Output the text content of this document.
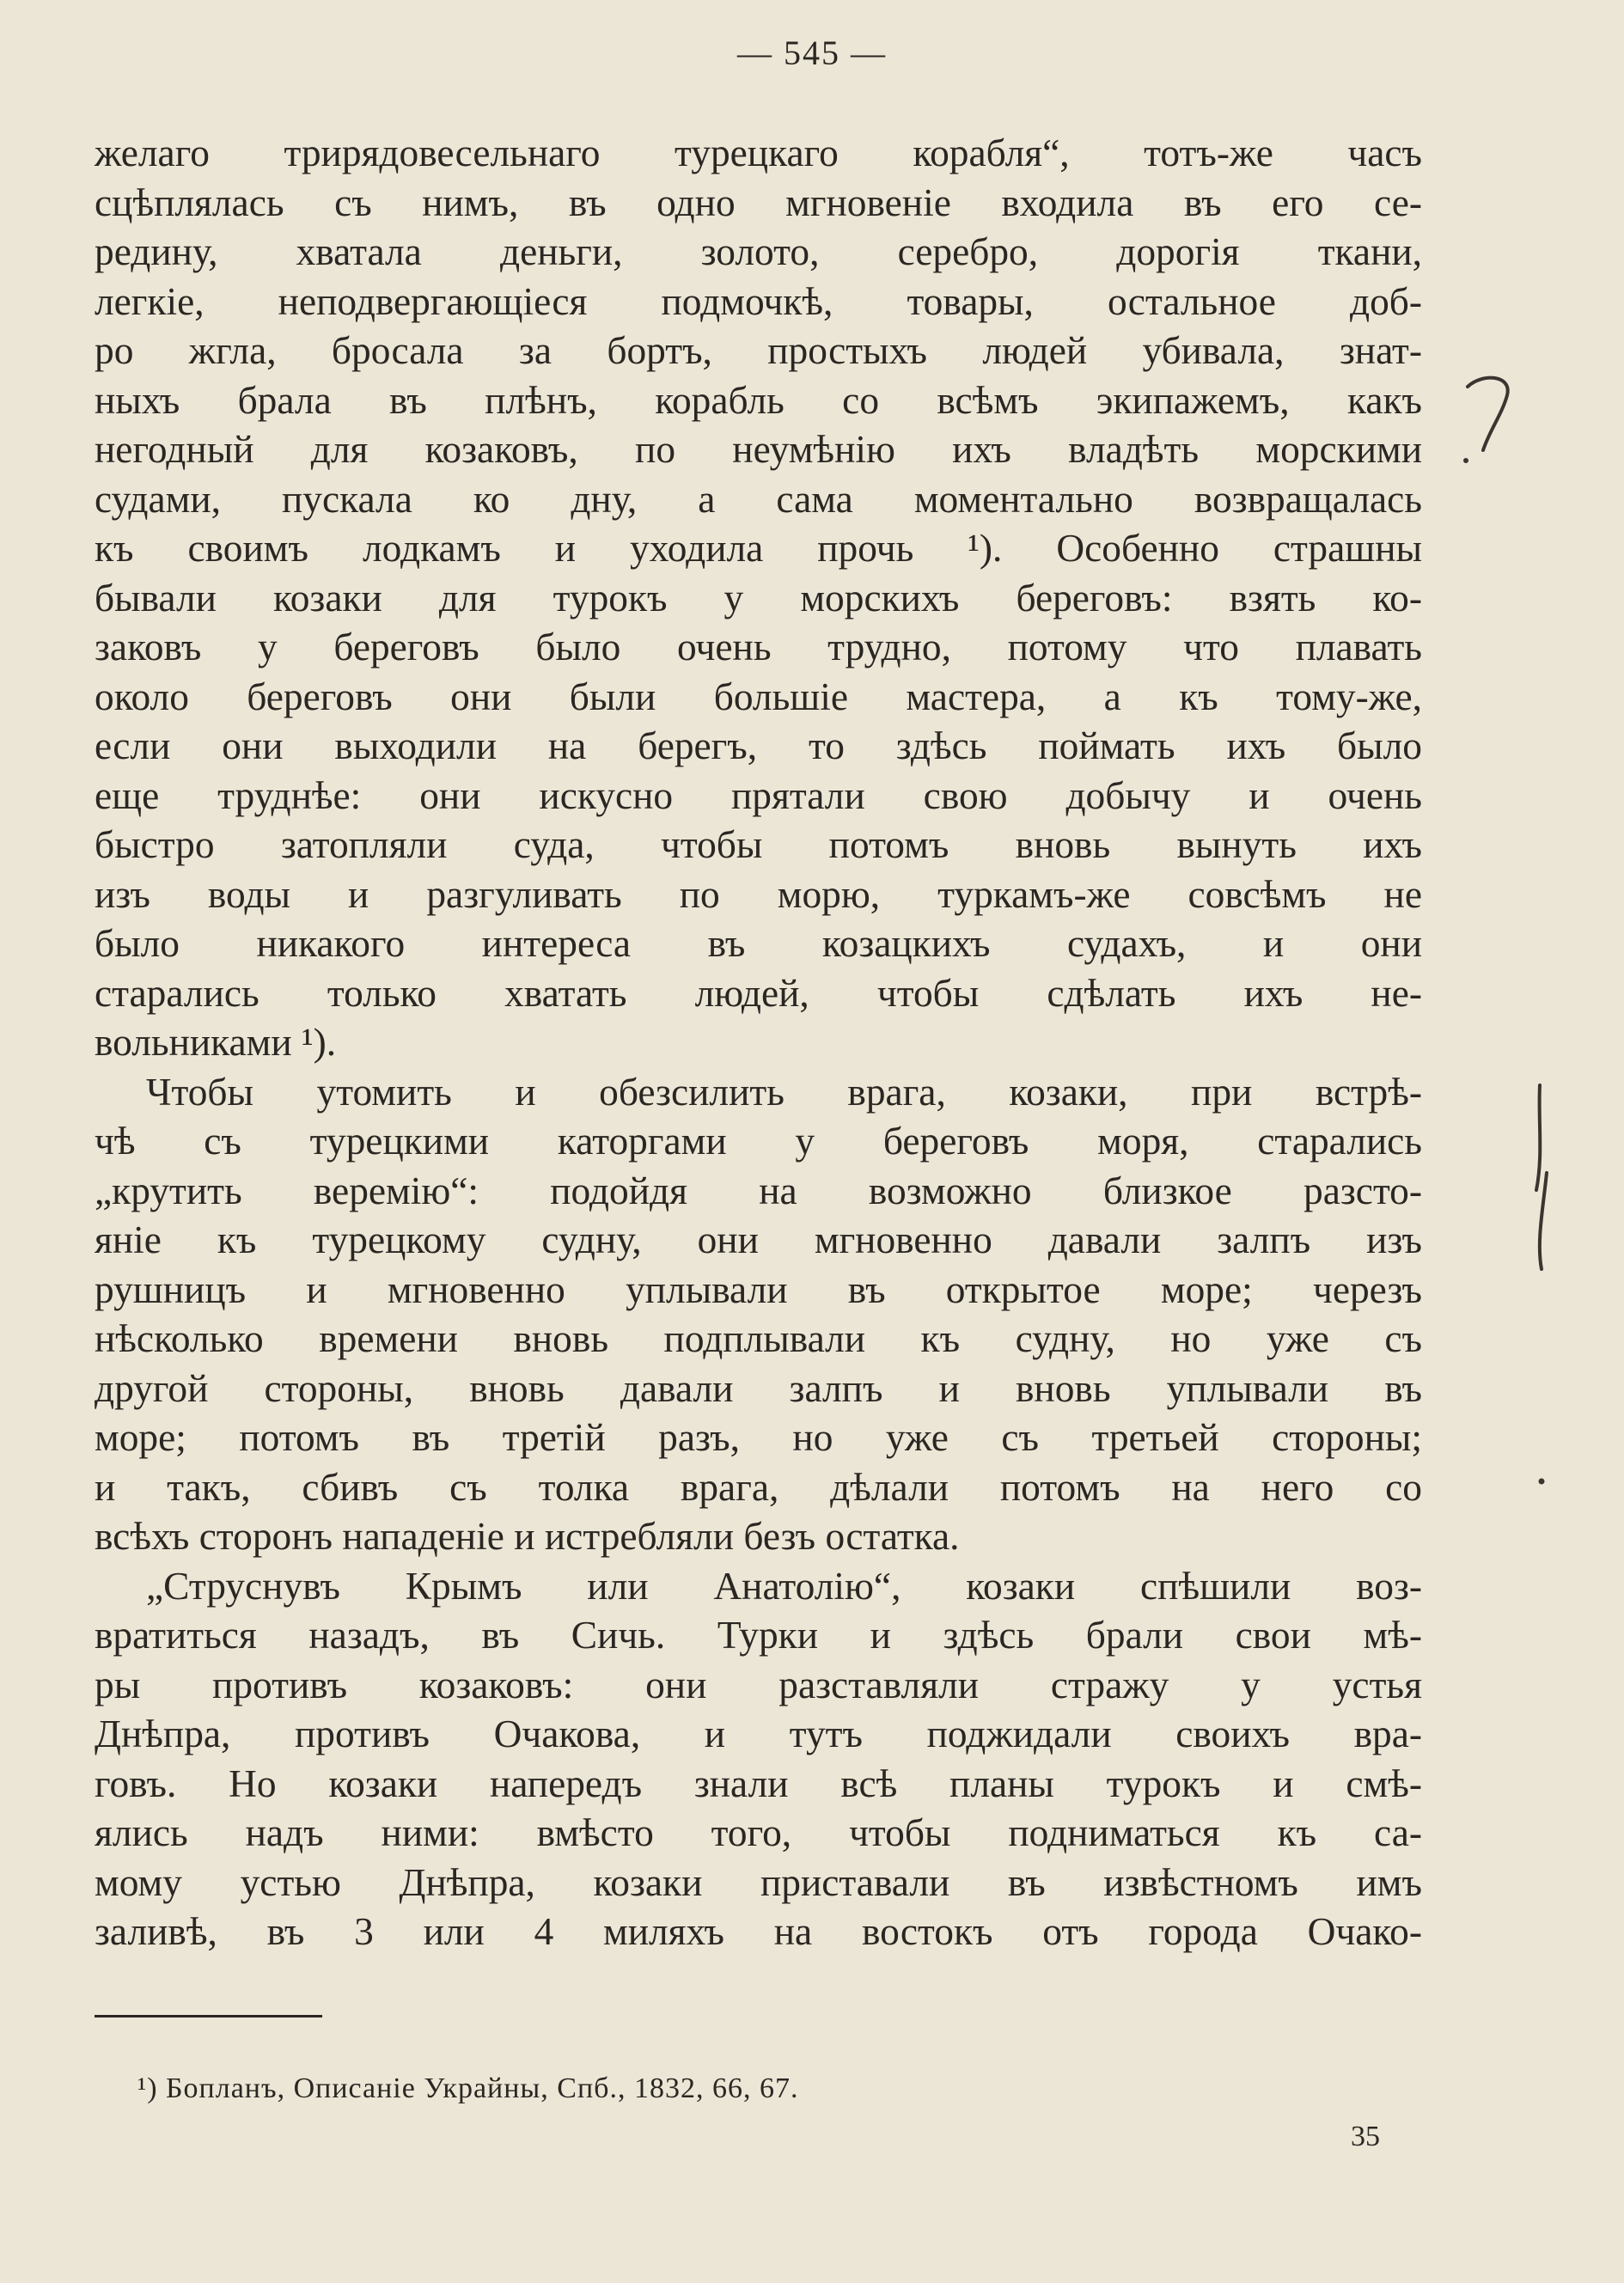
— 545 —
желаго трирядовесельнаго турецкаго корабля“, тотъ-же часъ
сцѣплялась съ нимъ, въ одно мгновеніе входила въ его се-
редину, хватала деньги, золото, серебро, дорогія ткани,
легкіе, неподвергающіеся подмочкѣ, товары, остальное доб-
ро жгла, бросала за бортъ, простыхъ людей убивала, знат-
ныхъ брала въ плѣнъ, корабль со всѣмъ экипажемъ, какъ
негодный для козаковъ, по неумѣнію ихъ владѣть морскими
судами, пускала ко дну, а сама моментально возвращалась
къ своимъ лодкамъ и уходила прочь ¹). Особенно страшны
бывали козаки для турокъ у морскихъ береговъ: взять ко-
заковъ у береговъ было очень трудно, потому что плавать
около береговъ они были большіе мастера, а къ тому-же,
если они выходили на берегъ, то здѣсь поймать ихъ было
еще труднѣе: они искусно прятали свою добычу и очень
быстро затопляли суда, чтобы потомъ вновь вынуть ихъ
изъ воды и разгуливать по морю, туркамъ-же совсѣмъ не
было никакого интереса въ козацкихъ судахъ, и они
старались только хватать людей, чтобы сдѣлать ихъ не-
вольниками ¹).
Чтобы утомить и обезсилить врага, козаки, при встрѣ-
чѣ съ турецкими каторгами у береговъ моря, старались
„крутить веремію“: подойдя на возможно близкое разсто-
яніе къ турецкому судну, они мгновенно давали залпъ изъ
рушницъ и мгновенно уплывали въ открытое море; черезъ
нѣсколько времени вновь подплывали къ судну, но уже съ
другой стороны, вновь давали залпъ и вновь уплывали въ
море; потомъ въ третій разъ, но уже съ третьей стороны;
и такъ, сбивъ съ толка врага, дѣлали потомъ на него со
всѣхъ сторонъ нападеніе и истребляли безъ остатка.
„Струснувъ Крымъ или Анатолію“, козаки спѣшили воз-
вратиться назадъ, въ Сичь. Турки и здѣсь брали свои мѣ-
ры противъ козаковъ: они разставляли стражу у устья
Днѣпра, противъ Очакова, и тутъ поджидали своихъ вра-
говъ. Но козаки напередъ знали всѣ планы турокъ и смѣ-
ялись надъ ними: вмѣсто того, чтобы подниматься къ са-
мому устью Днѣпра, козаки приставали въ извѣстномъ имъ
заливѣ, въ 3 или 4 миляхъ на востокъ отъ города Очако-
¹) Бопланъ, Описаніе Украйны, Спб., 1832, 66, 67.
35
